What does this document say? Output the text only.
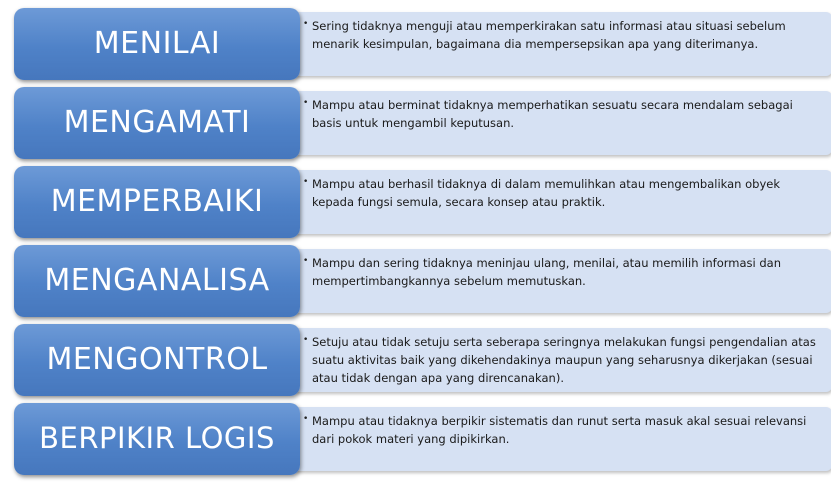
• Sering tidaknya menguji atau memperkirakan satu informasi atau situasi sebelum menarik kesimpulan, bagaimana dia mempersepsikan apa yang diterimanya.

MENILAI
• Mampu atau berminat tidaknya memperhatikan sesuatu secara mendalam sebagai basis untuk mengambil keputusan.

MENGAMATI
• Mampu atau berhasil tidaknya di dalam memulihkan atau mengembalikan obyek kepada fungsi semula, secara konsep atau praktik.

MEMPERBAIKI
• Mampu dan sering tidaknya meninjau ulang, menilai, atau memilih informasi dan mempertimbangkannya sebelum memutuskan.

MENGANALISA
• Setuju atau tidak setuju serta seberapa seringnya melakukan fungsi pengendalian atas suatu aktivitas baik yang dikehendakinya maupun yang seharusnya dikerjakan (sesuai atau tidak dengan apa yang direncanakan).

MENGONTROL
• Mampu atau tidaknya berpikir sistematis dan runut serta masuk akal sesuai relevansi dari pokok materi yang dipikirkan.

BERPIKIR LOGIS
